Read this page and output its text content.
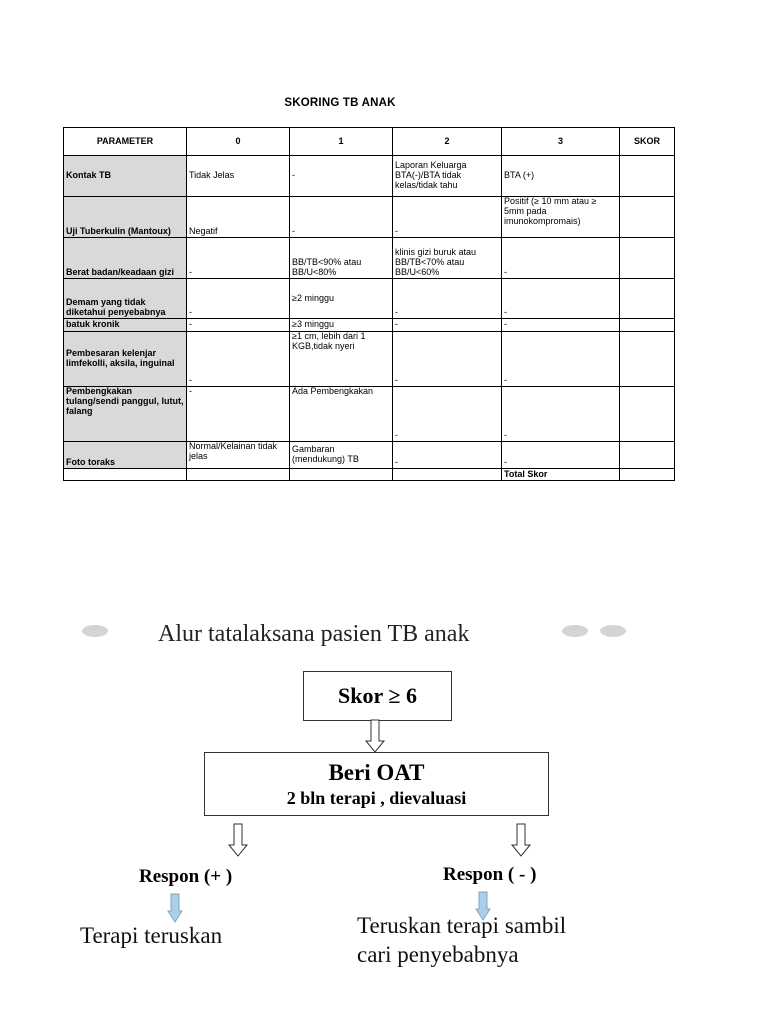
SKORING TB ANAK
PARAMETER	0	1	2	3	SKOR
Kontak TB	Tidak Jelas	-	Laporan Keluarga BTA(-)/BTA tidak kelas/tidak tahu	BTA (+)	
Uji Tuberkulin (Mantoux)	Negatif	-	-	Positif (≥ 10 mm atau ≥ 5mm pada imunokompromais)	
Berat badan/keadaan gizi	-	BB/TB<90% atau BB/U<80%	klinis gizi buruk atau BB/TB<70% atau BB/U<60%	-	
Demam yang tidak diketahui penyebabnya	-	≥2 minggu	-	-	
batuk kronik	-	≥3 minggu	-	-	
Pembesaran kelenjar limfekolli, aksila, inguinal	-	≥1 cm, lebih dari 1 KGB,tidak nyeri	-	-	
Pembengkakan tulang/sendi panggul, lutut, falang	-	Ada Pembengkakan	-	-	
Foto toraks	Normal/Kelainan tidak jelas	Gambaran (mendukung) TB	-	-	
				Total Skor	
Alur tatalaksana pasien TB anak
Skor ≥ 6
Beri OAT
2 bln terapi , dievaluasi
Respon (+ )	Respon ( - )
Terapi teruskan	Teruskan terapi sambil
cari penyebabnya
